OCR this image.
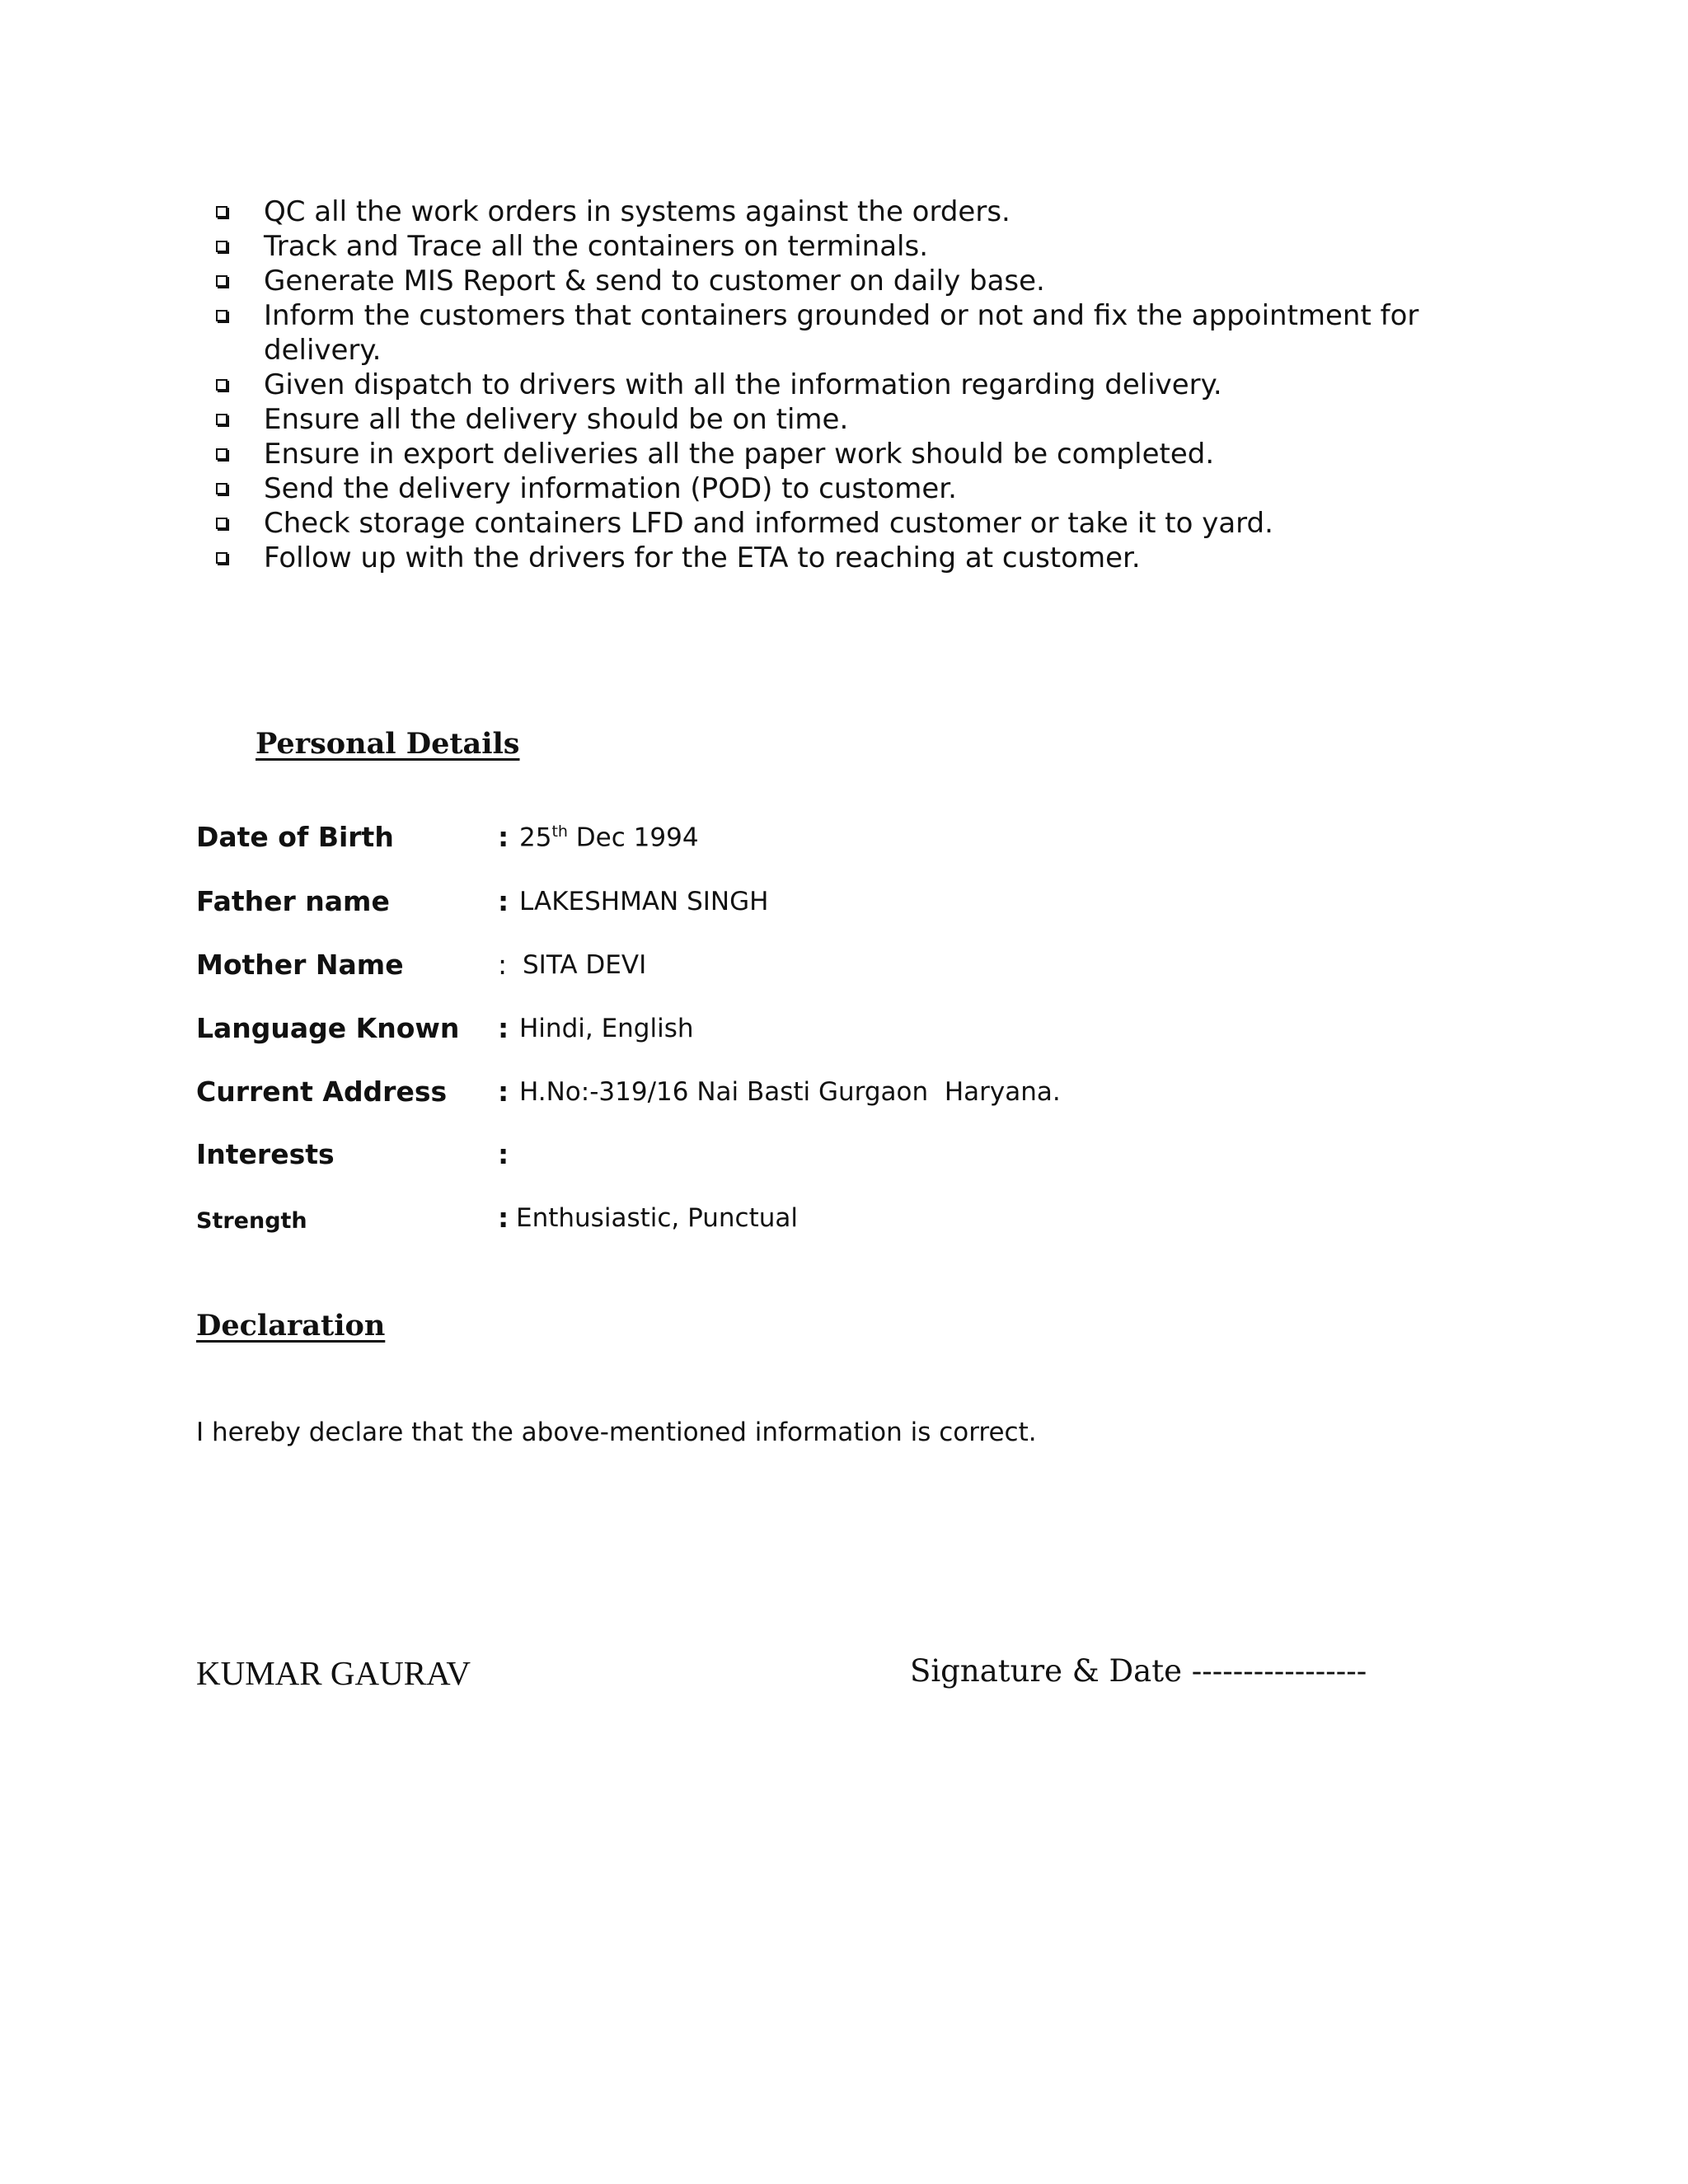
QC all the work orders in systems against the orders.
Track and Trace all the containers on terminals.
Generate MIS Report & send to customer on daily base.
Inform the customers that containers grounded or not and fix the appointment for delivery.
Given dispatch to drivers with all the information regarding delivery.
Ensure all the delivery should be on time.
Ensure in export deliveries all the paper work should be completed.
Send the delivery information (POD) to customer.
Check storage containers LFD and informed customer or take it to yard.
Follow up with the drivers for the ETA to reaching at customer.
Personal Details
Date of Birth	: 25th Dec 1994
Father name	: LAKESHMAN SINGH
Mother Name	: SITA DEVI
Language Known : Hindi, English
Current Address : H.No:-319/16 Nai Basti Gurgaon  Haryana.
Interests	:
Strength	: Enthusiastic, Punctual
Declaration

I hereby declare that the above-mentioned information is correct.

KUMAR GAURAV	Signature & Date -----------------
